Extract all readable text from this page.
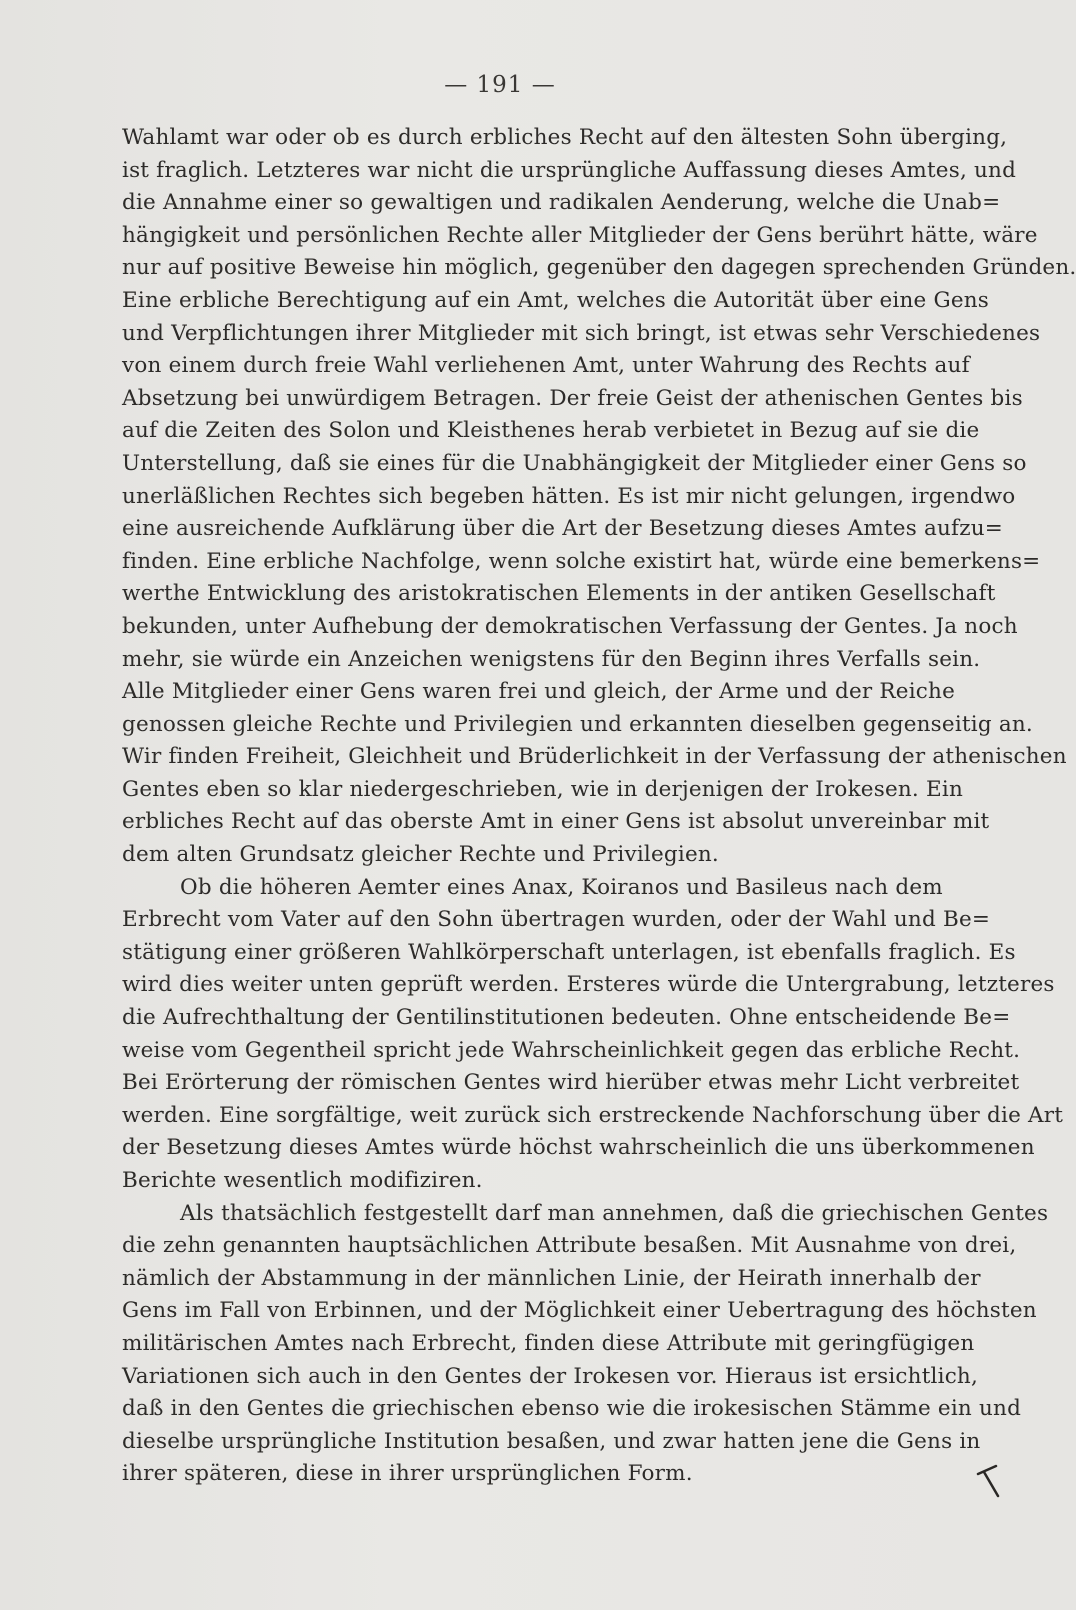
— 191 —
Wahlamt war oder ob es durch erbliches Recht auf den ältesten Sohn überging,
ist fraglich. Letzteres war nicht die ursprüngliche Auffassung dieses Amtes, und
die Annahme einer so gewaltigen und radikalen Aenderung, welche die Unab=
hängigkeit und persönlichen Rechte aller Mitglieder der Gens berührt hätte, wäre
nur auf positive Beweise hin möglich, gegenüber den dagegen sprechenden Gründen.
Eine erbliche Berechtigung auf ein Amt, welches die Autorität über eine Gens
und Verpflichtungen ihrer Mitglieder mit sich bringt, ist etwas sehr Verschiedenes
von einem durch freie Wahl verliehenen Amt, unter Wahrung des Rechts auf
Absetzung bei unwürdigem Betragen. Der freie Geist der athenischen Gentes bis
auf die Zeiten des Solon und Kleisthenes herab verbietet in Bezug auf sie die
Unterstellung, daß sie eines für die Unabhängigkeit der Mitglieder einer Gens so
unerläßlichen Rechtes sich begeben hätten. Es ist mir nicht gelungen, irgendwo
eine ausreichende Aufklärung über die Art der Besetzung dieses Amtes aufzu=
finden. Eine erbliche Nachfolge, wenn solche existirt hat, würde eine bemerkens=
werthe Entwicklung des aristokratischen Elements in der antiken Gesellschaft
bekunden, unter Aufhebung der demokratischen Verfassung der Gentes. Ja noch
mehr, sie würde ein Anzeichen wenigstens für den Beginn ihres Verfalls sein.
Alle Mitglieder einer Gens waren frei und gleich, der Arme und der Reiche
genossen gleiche Rechte und Privilegien und erkannten dieselben gegenseitig an.
Wir finden Freiheit, Gleichheit und Brüderlichkeit in der Verfassung der athenischen
Gentes eben so klar niedergeschrieben, wie in derjenigen der Irokesen. Ein
erbliches Recht auf das oberste Amt in einer Gens ist absolut unvereinbar mit
dem alten Grundsatz gleicher Rechte und Privilegien.
Ob die höheren Aemter eines Anax, Koiranos und Basileus nach dem
Erbrecht vom Vater auf den Sohn übertragen wurden, oder der Wahl und Be=
stätigung einer größeren Wahlkörperschaft unterlagen, ist ebenfalls fraglich. Es
wird dies weiter unten geprüft werden. Ersteres würde die Untergrabung, letzteres
die Aufrechthaltung der Gentilinstitutionen bedeuten. Ohne entscheidende Be=
weise vom Gegentheil spricht jede Wahrscheinlichkeit gegen das erbliche Recht.
Bei Erörterung der römischen Gentes wird hierüber etwas mehr Licht verbreitet
werden. Eine sorgfältige, weit zurück sich erstreckende Nachforschung über die Art
der Besetzung dieses Amtes würde höchst wahrscheinlich die uns überkommenen
Berichte wesentlich modifiziren.
Als thatsächlich festgestellt darf man annehmen, daß die griechischen Gentes
die zehn genannten hauptsächlichen Attribute besaßen. Mit Ausnahme von drei,
nämlich der Abstammung in der männlichen Linie, der Heirath innerhalb der
Gens im Fall von Erbinnen, und der Möglichkeit einer Uebertragung des höchsten
militärischen Amtes nach Erbrecht, finden diese Attribute mit geringfügigen
Variationen sich auch in den Gentes der Irokesen vor. Hieraus ist ersichtlich,
daß in den Gentes die griechischen ebenso wie die irokesischen Stämme ein und
dieselbe ursprüngliche Institution besaßen, und zwar hatten jene die Gens in
ihrer späteren, diese in ihrer ursprünglichen Form.
